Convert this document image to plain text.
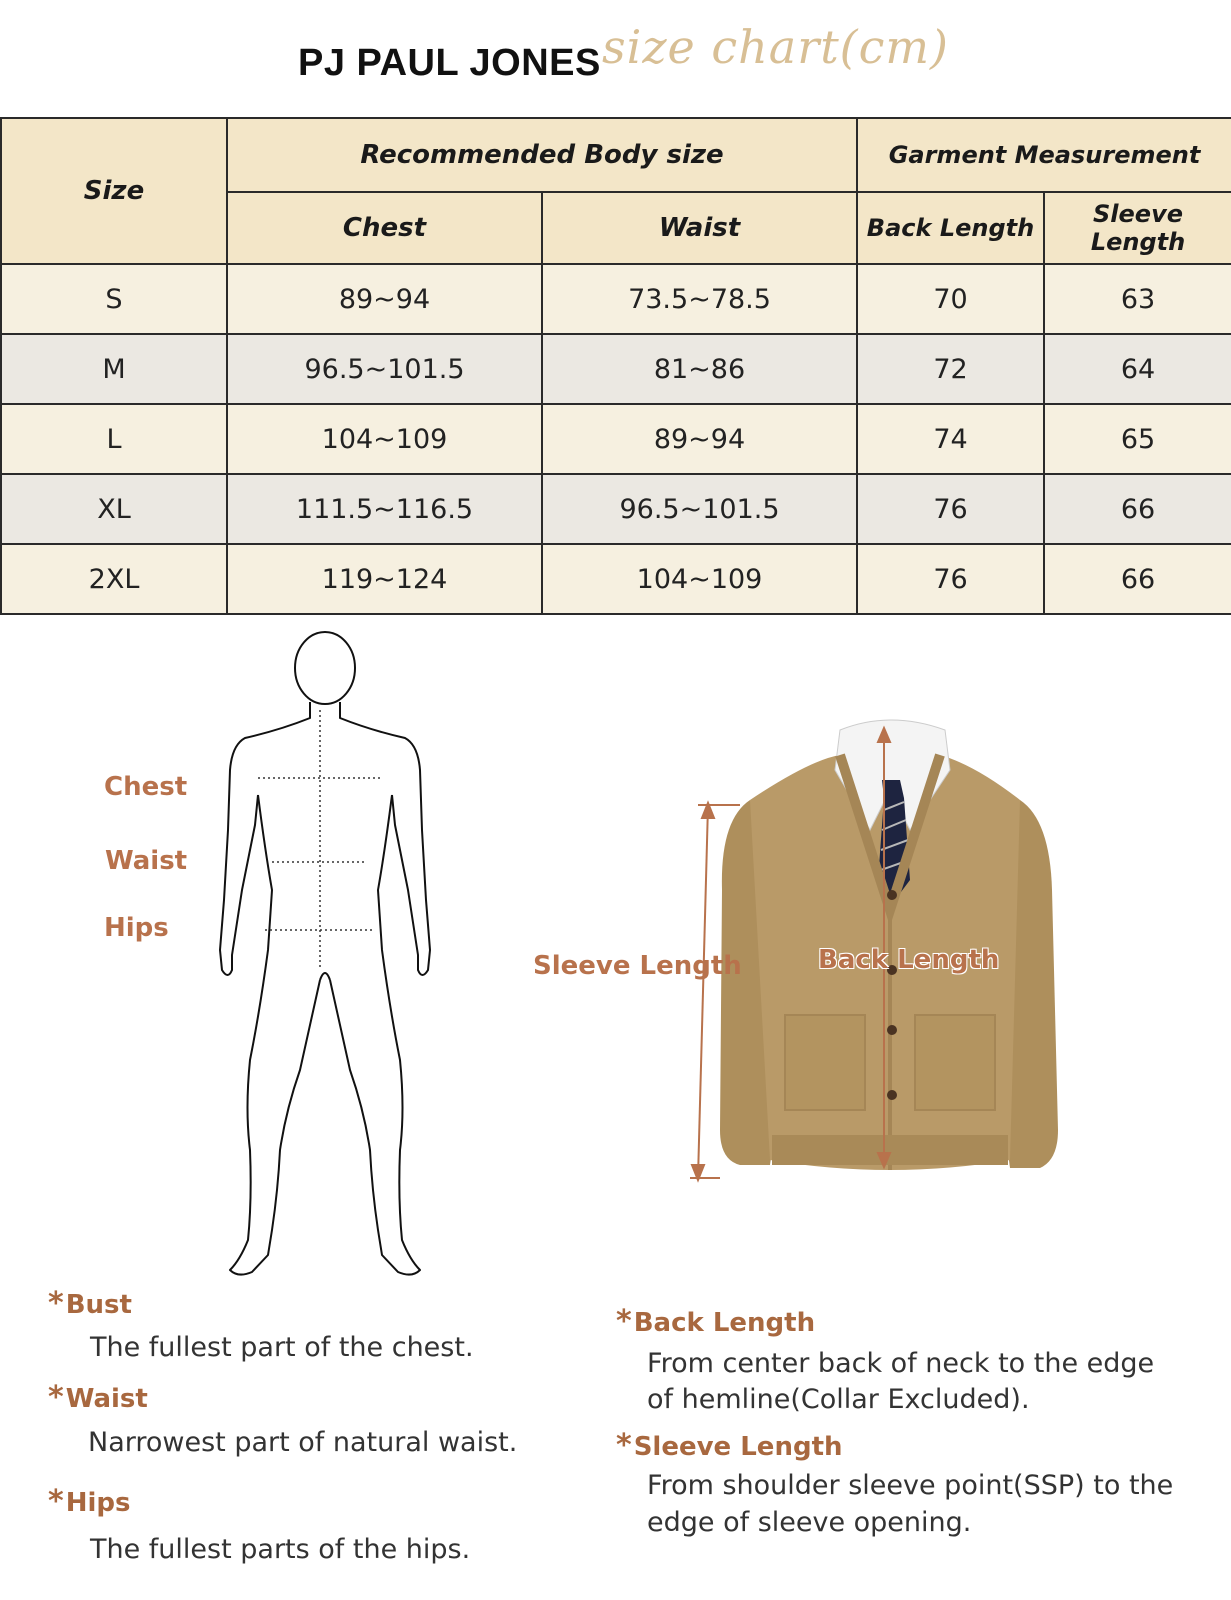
PJ PAUL JONES size chart(cm)
Size	Recommended Body size		Garment Measurement	
	Chest	Waist	Back Length	Sleeve Length
S	89~94	73.5~78.5	70	63
M	96.5~101.5	81~86	72	64
L	104~109	89~94	74	65
XL	111.5~116.5	96.5~101.5	76	66
2XL	119~124	104~109	76	66
Chest
Waist
Hips
Sleeve Length	Back Length
*Bust
The fullest part of the chest.
*Waist
Narrowest part of natural waist.
*Hips
The fullest parts of the hips.
*Back Length
From center back of neck to the edge
of hemline(Collar Excluded).
*Sleeve Length
From shoulder sleeve point(SSP) to the
edge of sleeve opening.
